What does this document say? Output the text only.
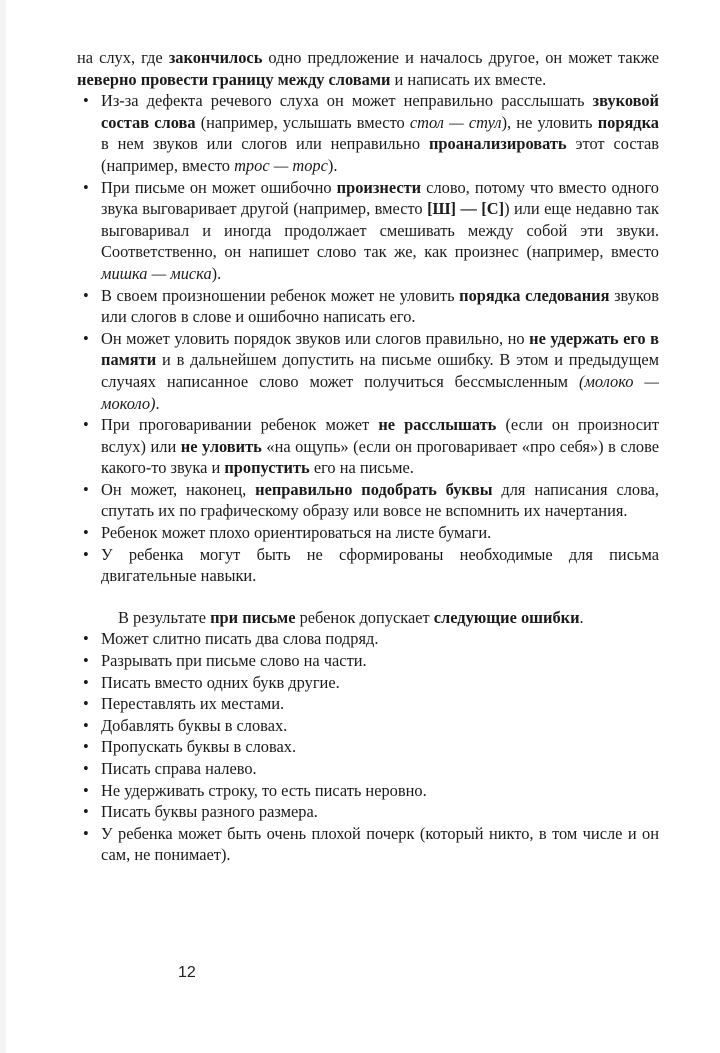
на слух, где закончилось одно предложение и началось другое, он может также неверно провести границу между словами и написать их вместе.

• Из-за дефекта речевого слуха он может неправильно расслышать звуковой состав слова (например, услышать вместо стол — стул), не уловить порядка в нем звуков или слогов или неправильно проанализировать этот состав (например, вместо трос — торс).

• При письме он может ошибочно произнести слово, потому что вместо одного звука выговаривает другой (например, вместо [Ш] — [С]) или еще недавно так выговаривал и иногда продолжает смешивать между собой эти звуки. Соответственно, он напишет слово так же, как произнес (например, вместо мишка — миска).

• В своем произношении ребенок может не уловить порядка следования звуков или слогов в слове и ошибочно написать его.

• Он может уловить порядок звуков или слогов правильно, но не удержать его в памяти и в дальнейшем допустить на письме ошибку. В этом и предыдущем случаях написанное слово может получиться бессмысленным (молоко — моколо).

• При проговаривании ребенок может не расслышать (если он произносит вслух) или не уловить «на ощупь» (если он проговаривает «про себя») в слове какого-то звука и пропустить его на письме.

• Он может, наконец, неправильно подобрать буквы для написания слова, спутать их по графическому образу или вовсе не вспомнить их начертания.

• Ребенок может плохо ориентироваться на листе бумаги.

• У ребенка могут быть не сформированы необходимые для письма двигательные навыки.

В результате при письме ребенок допускает следующие ошибки.

• Может слитно писать два слова подряд.

• Разрывать при письме слово на части.

• Писать вместо одних букв другие.

• Переставлять их местами.

• Добавлять буквы в словах.

• Пропускать буквы в словах.

• Писать справа налево.

• Не удерживать строку, то есть писать неровно.

• Писать буквы разного размера.

• У ребенка может быть очень плохой почерк (который никто, в том числе и он сам, не понимает).

12
